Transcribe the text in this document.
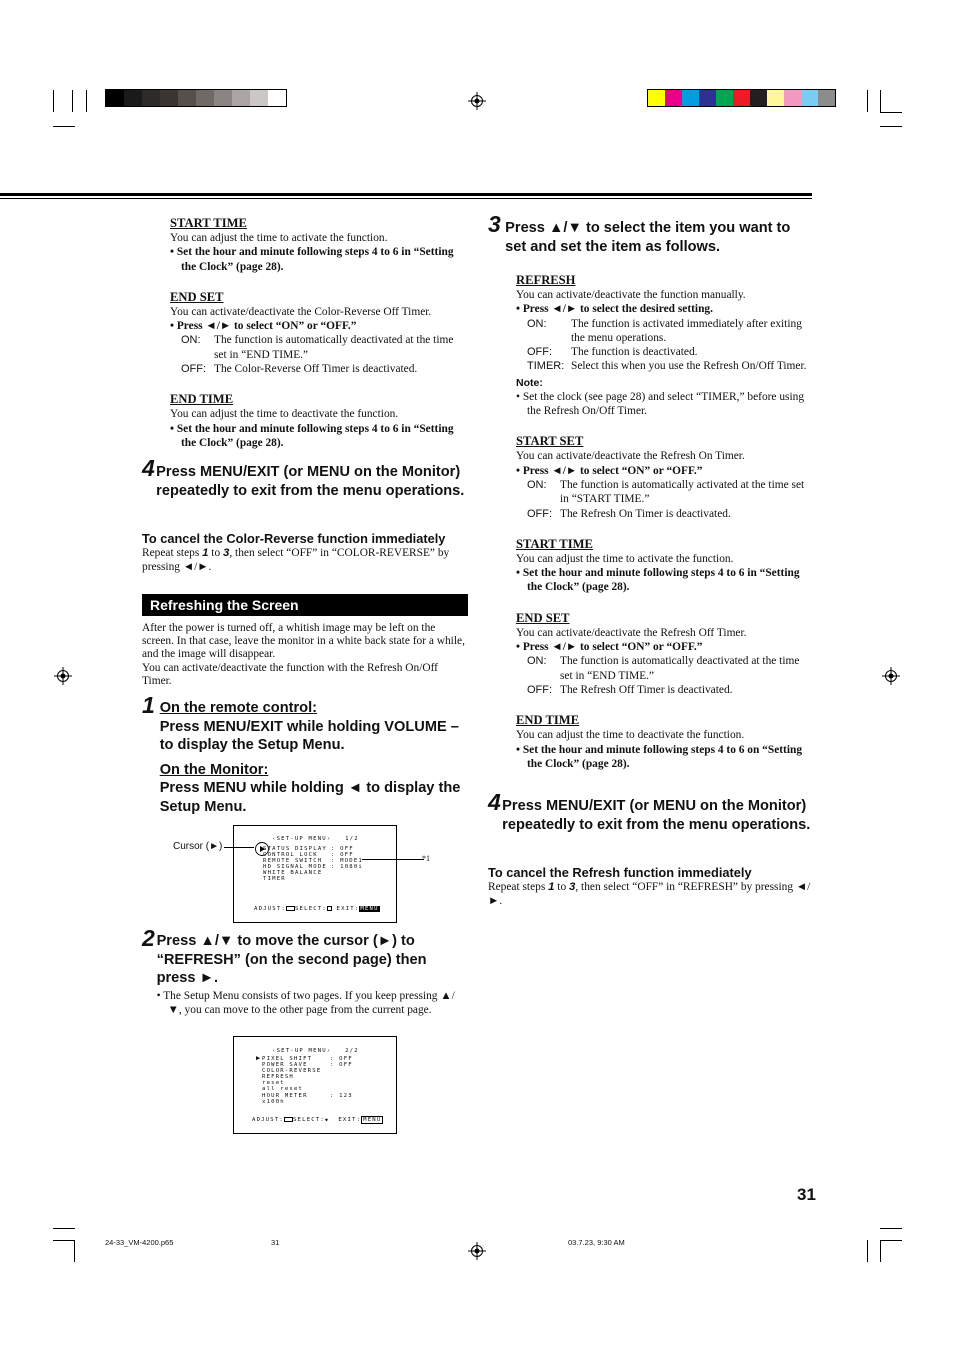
START TIME
You can adjust the time to activate the function.
• Set the hour and minute following steps 4 to 6 in “Setting the Clock” (page 28).
END SET
You can activate/deactivate the Color-Reverse Off Timer.
• Press ◄/► to select “ON” or “OFF.”
ON:	The function is automatically deactivated at the time set in “END TIME.”
OFF: The Color-Reverse Off Timer is deactivated.
END TIME
You can adjust the time to deactivate the function.
• Set the hour and minute following steps 4 to 6 in “Setting the Clock” (page 28).
4 Press MENU/EXIT (or MENU on the Monitor) repeatedly to exit from the menu operations.
To cancel the Color-Reverse function immediately
Repeat steps 1 to 3, then select “OFF” in “COLOR-REVERSE” by pressing ◄/►.
Refreshing the Screen
After the power is turned off, a whitish image may be left on the screen. In that case, leave the monitor in a white back state for a while, and the image will disappear.
You can activate/deactivate the function with the Refresh On/Off Timer.
1 On the remote control:
Press MENU/EXIT while holding VOLUME – to display the Setup Menu.
On the Monitor:
Press MENU while holding ◄ to display the Setup Menu.
Cursor (►)
*1
‹SET-UP MENU›   1/2
STATUS DISPLAY : OFF
CONTROL LOCK	: OFF
REMOTE SWITCH	: MODE1
HD SIGNAL MODE : 1080i
WHITE BALANCE
TIMER
ADJUST: SELECT: EXIT:MENU
2 Press ▲/▼ to move the cursor (►) to “REFRESH” (on the second page) then press ►.
• The Setup Menu consists of two pages. If you keep pressing ▲/▼, you can move to the other page from the current page.
‹SET-UP MENU›   2/2
▶ PIXEL SHIFT	: OFF
POWER SAVE	: OFF
COLOR-REVERSE
REFRESH
reset
all reset
HOUR METER x100h
: 123
ADJUST: SELECT:◆ EXIT: MENU
3 Press ▲/▼ to select the item you want to set and set the item as follows.
REFRESH
You can activate/deactivate the function manually.
• Press ◄/► to select the desired setting.
ON:	The function is activated immediately after exiting the menu operations.
OFF:	The function is deactivated.
TIMER: Select this when you use the Refresh On/Off Timer.
Note:
• Set the clock (see page 28) and select “TIMER,” before using the Refresh On/Off Timer.
START SET
You can activate/deactivate the Refresh On Timer.
• Press ◄/► to select “ON” or “OFF.”
ON:	The function is automatically activated at the time set in “START TIME.”
OFF: The Refresh On Timer is deactivated.
START TIME
You can adjust the time to activate the function.
• Set the hour and minute following steps 4 to 6 in “Setting the Clock” (page 28).
END SET
You can activate/deactivate the Refresh Off Timer.
• Press ◄/► to select “ON” or “OFF.”
ON:	The function is automatically deactivated at the time set in “END TIME.”
OFF: The Refresh Off Timer is deactivated.
END TIME
You can adjust the time to deactivate the function.
• Set the hour and minute following steps 4 to 6 on “Setting the Clock” (page 28).
4 Press MENU/EXIT (or MENU on the Monitor) repeatedly to exit from the menu operations.
To cancel the Refresh function immediately
Repeat steps 1 to 3, then select “OFF” in “REFRESH” by pressing ◄/►.
31
24-33_VM-4200.p65	31	03.7.23, 9:30 AM
